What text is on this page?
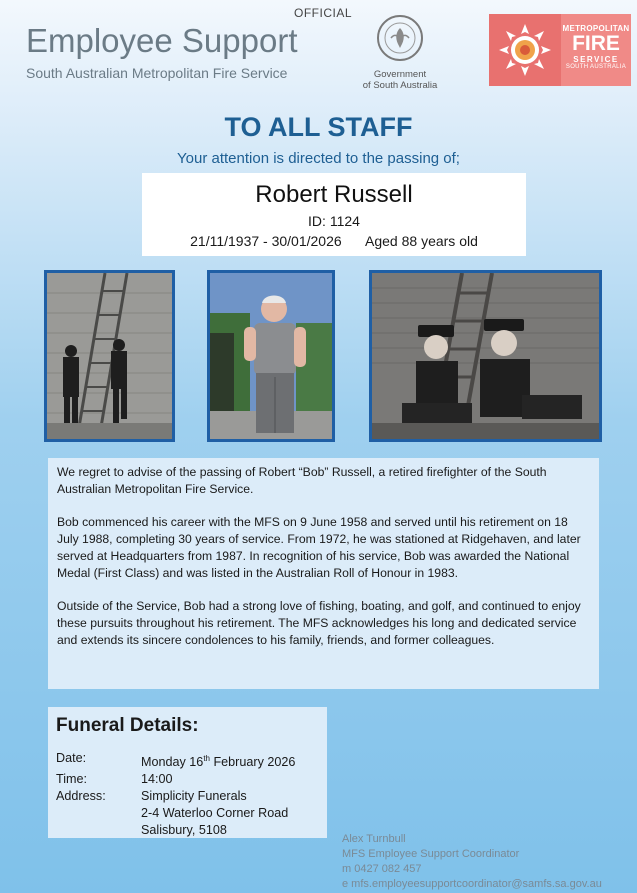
OFFICIAL
Employee Support
South Australian Metropolitan Fire Service	Government
of South Australia
METROPOLITAN
FIRE
SERVICE
SOUTH AUSTRALIA
TO ALL STAFF
Your attention is directed to the passing of;
Robert Russell
ID: 1124
21/11/1937 - 30/01/2026 Aged 88 years old

We regret to advise of the passing of Robert “Bob” Russell, a retired firefighter of the South Australian Metropolitan Fire Service.

Bob commenced his career with the MFS on 9 June 1958 and served until his retirement on 18 July 1988, completing 30 years of service. From 1972, he was stationed at Ridgehaven, and later served at Headquarters from 1987. In recognition of his service, Bob was awarded the National Medal (First Class) and was listed in the Australian Roll of Honour in 1983.

Outside of the Service, Bob had a strong love of fishing, boating, and golf, and continued to enjoy these pursuits throughout his retirement. The MFS acknowledges his long and dedicated service and extends its sincere condolences to his family, friends, and former colleagues.

Funeral Details:
Date:	Monday 16th February 2026
Time:	14:00
Address:	Simplicity Funerals
2-4 Waterloo Corner Road
Salisbury, 5108
Alex Turnbull
MFS Employee Support Coordinator
m 0427 082 457
e mfs.employeesupportcoordinator@samfs.sa.gov.au
